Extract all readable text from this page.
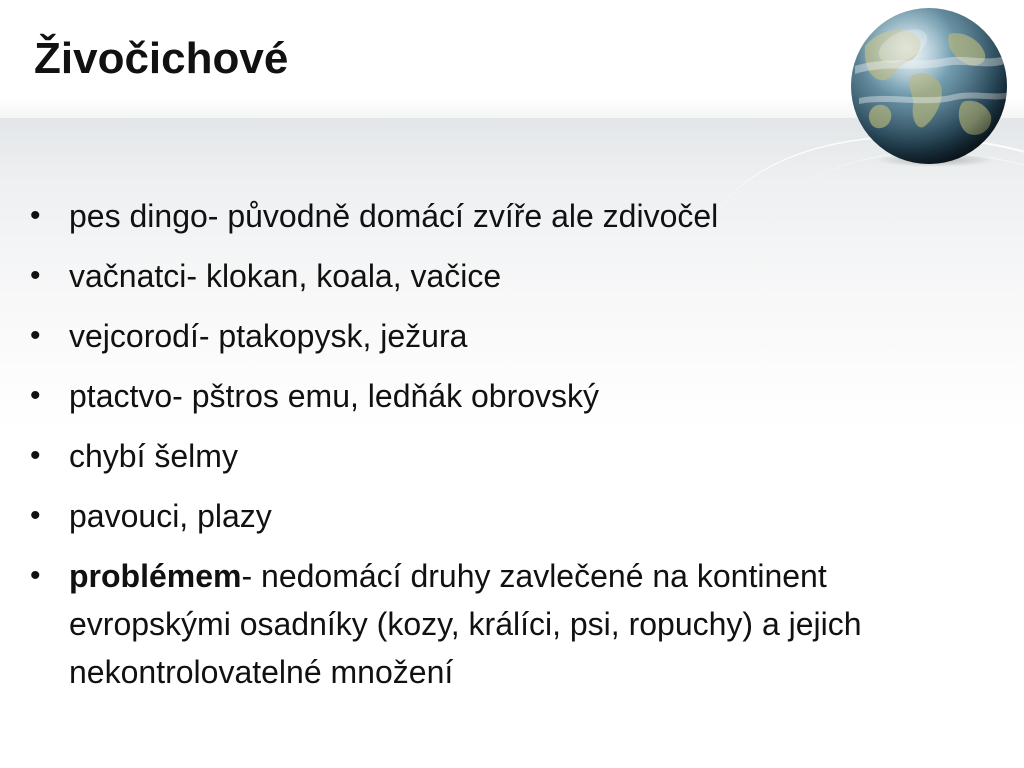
Živočichové
• pes dingo- původně domácí zvíře ale zdivočel
• vačnatci- klokan, koala, vačice
• vejcorodí- ptakopysk, ježura
• ptactvo- pštros emu, ledňák obrovský
• chybí šelmy
• pavouci, plazy
• problémem- nedomácí druhy zavlečené na kontinent evropskými osadníky (kozy, králíci, psi, ropuchy) a jejich nekontrolovatelné množení
